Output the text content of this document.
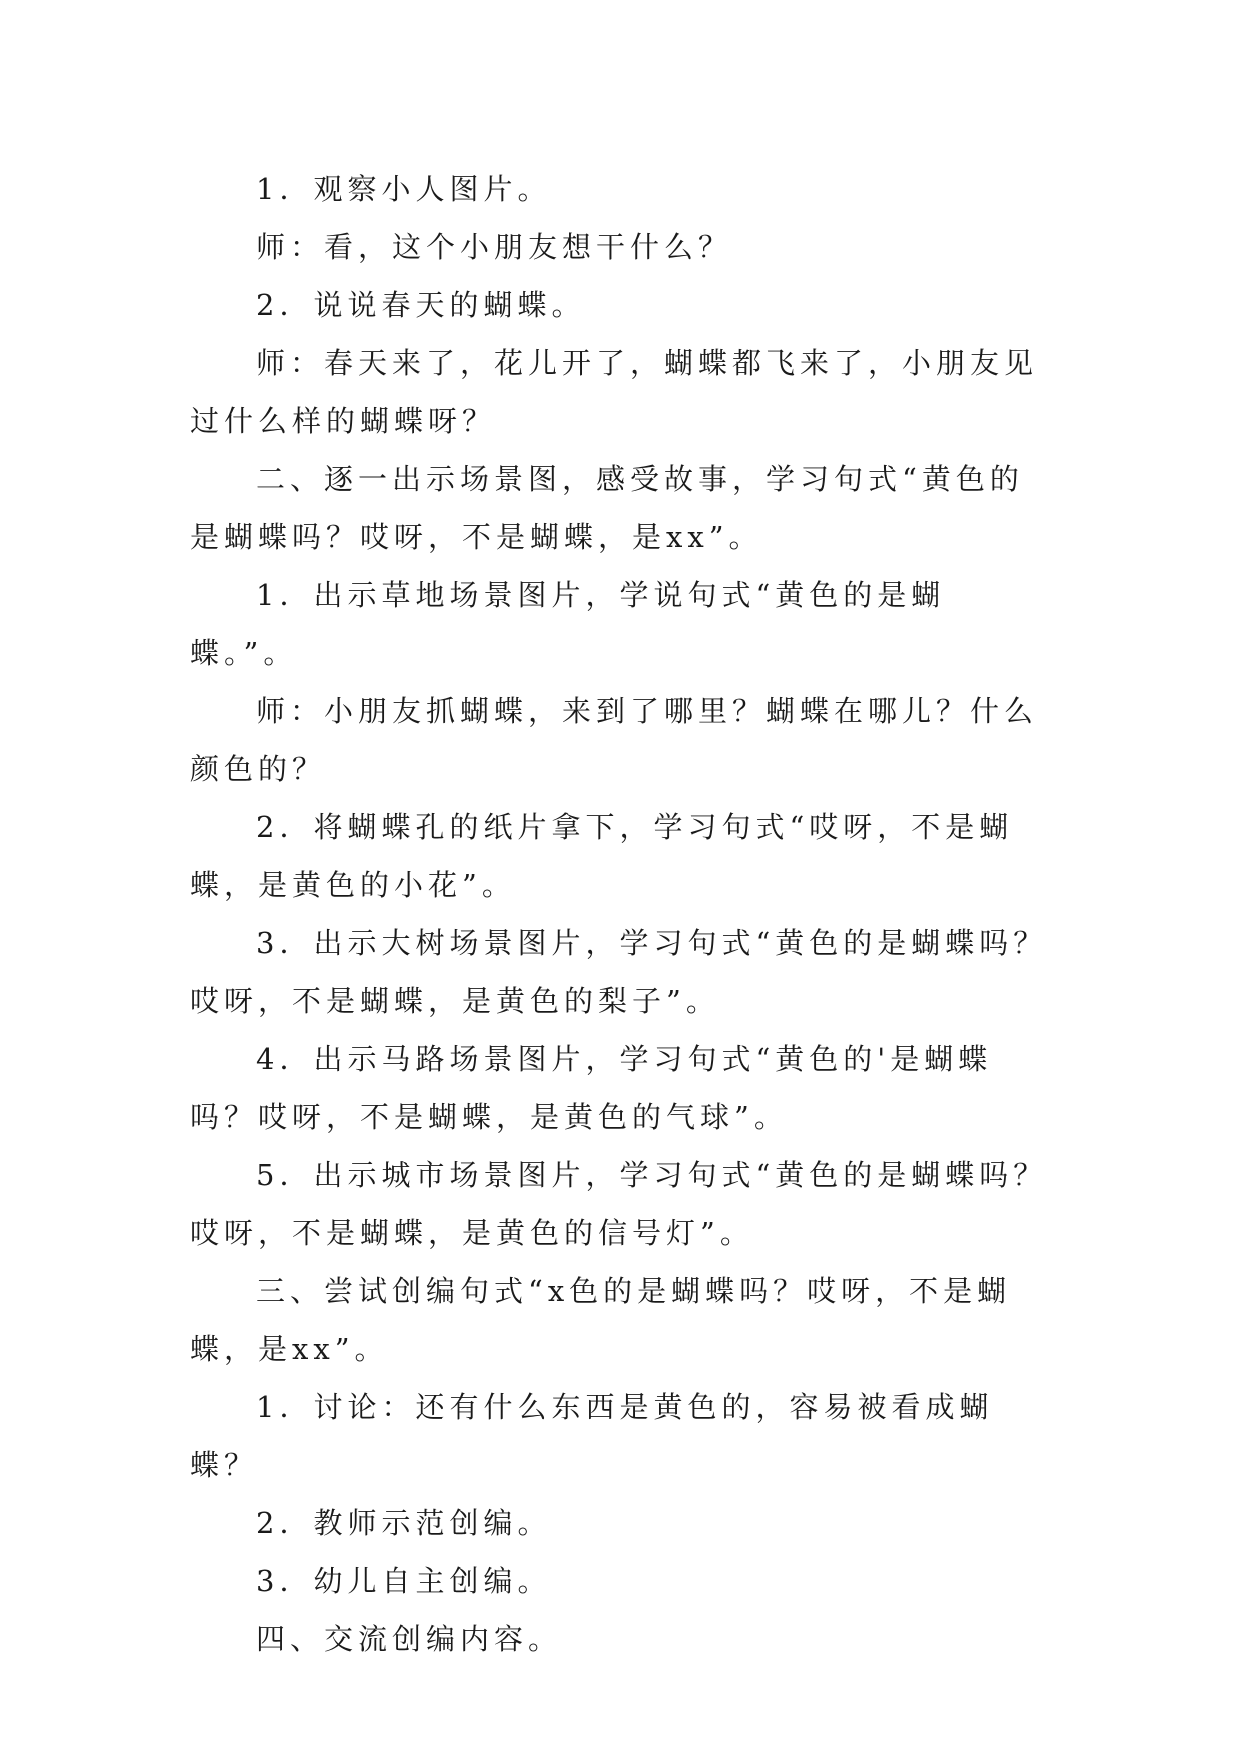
1．观察小人图片。

师：看，这个小朋友想干什么？

2．说说春天的蝴蝶。

师：春天来了，花儿开了，蝴蝶都飞来了，小朋友见过什么样的蝴蝶呀？

二、逐一出示场景图，感受故事，学习句式“黄色的是蝴蝶吗？哎呀，不是蝴蝶，是xx”。

1．出示草地场景图片，学说句式“黄色的是蝴蝶。”。

师：小朋友抓蝴蝶，来到了哪里？蝴蝶在哪儿？什么颜色的？

2．将蝴蝶孔的纸片拿下，学习句式“哎呀，不是蝴蝶，是黄色的小花”。

3．出示大树场景图片，学习句式“黄色的是蝴蝶吗？哎呀，不是蝴蝶，是黄色的梨子”。

4．出示马路场景图片，学习句式“黄色的'是蝴蝶吗？哎呀，不是蝴蝶，是黄色的气球”。

5．出示城市场景图片，学习句式“黄色的是蝴蝶吗？哎呀，不是蝴蝶，是黄色的信号灯”。

三、尝试创编句式“x色的是蝴蝶吗？哎呀，不是蝴蝶，是xx”。

1．讨论：还有什么东西是黄色的，容易被看成蝴蝶？

2．教师示范创编。

3．幼儿自主创编。

四、交流创编内容。
